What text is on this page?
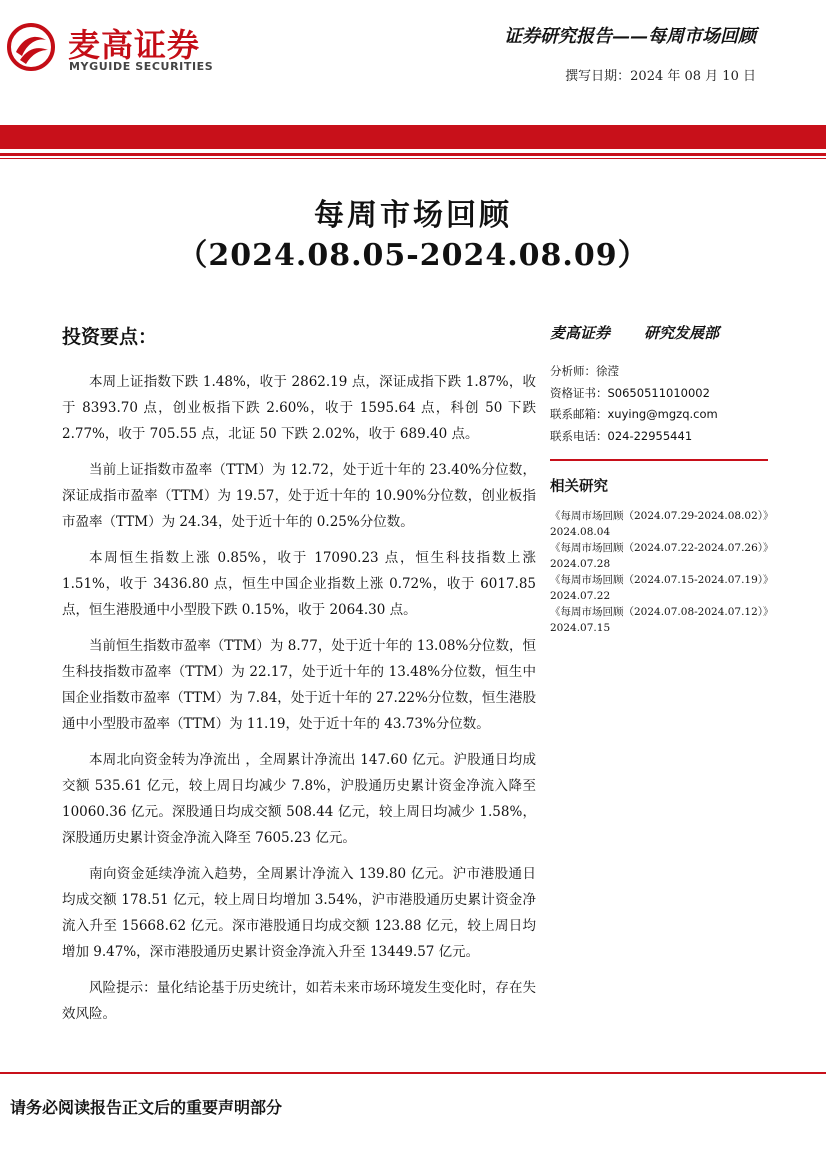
麦高证券
MYGUIDE SECURITIES
证券研究报告——每周市场回顾
撰写日期：2024 年 08 月 10 日
每周市场回顾
（2024.08.05-2024.08.09）
投资要点：

本周上证指数下跌 1.48%，收于 2862.19 点，深证成指下跌 1.87%，收于 8393.70 点，创业板指下跌 2.60%，收于 1595.64 点，科创 50 下跌 2.77%，收于 705.55 点，北证 50 下跌 2.02%，收于 689.40 点。

当前上证指数市盈率（TTM）为 12.72，处于近十年的 23.40%分位数，深证成指市盈率（TTM）为 19.57，处于近十年的 10.90%分位数，创业板指市盈率（TTM）为 24.34，处于近十年的 0.25%分位数。

本周恒生指数上涨 0.85%，收于 17090.23 点，恒生科技指数上涨 1.51%，收于 3436.80 点，恒生中国企业指数上涨 0.72%，收于 6017.85 点，恒生港股通中小型股下跌 0.15%，收于 2064.30 点。

当前恒生指数市盈率（TTM）为 8.77，处于近十年的 13.08%分位数，恒生科技指数市盈率（TTM）为 22.17，处于近十年的 13.48%分位数，恒生中国企业指数市盈率（TTM）为 7.84，处于近十年的 27.22%分位数，恒生港股通中小型股市盈率（TTM）为 11.19，处于近十年的 43.73%分位数。

本周北向资金转为净流出 ，全周累计净流出 147.60 亿元。沪股通日均成交额 535.61 亿元，较上周日均减少 7.8%，沪股通历史累计资金净流入降至 10060.36 亿元。深股通日均成交额 508.44 亿元，较上周日均减少 1.58%，深股通历史累计资金净流入降至 7605.23 亿元。

南向资金延续净流入趋势，全周累计净流入 139.80 亿元。沪市港股通日均成交额 178.51 亿元，较上周日均增加 3.54%，沪市港股通历史累计资金净流入升至 15668.62 亿元。深市港股通日均成交额 123.88 亿元，较上周日均增加 9.47%，深市港股通历史累计资金净流入升至 13449.57 亿元。

风险提示：量化结论基于历史统计，如若未来市场环境发生变化时，存在失效风险。

麦高证券 研究发展部
分析师：徐滢
资格证书：S0650511010002
联系邮箱：xuying@mgzq.com
联系电话：024-22955441
相关研究
《每周市场回顾（2024.07.29-2024.08.02）》2024.08.04
《每周市场回顾（2024.07.22-2024.07.26）》2024.07.28
《每周市场回顾（2024.07.15-2024.07.19）》2024.07.22
《每周市场回顾（2024.07.08-2024.07.12）》2024.07.15
请务必阅读报告正文后的重要声明部分
